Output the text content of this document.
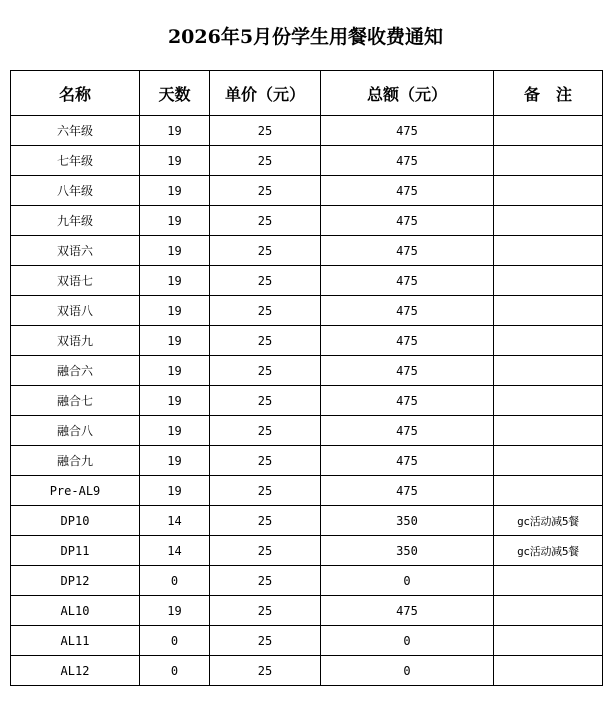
2026年5月份学生用餐收费通知
名称	天数	单价（元）	总额（元）	备　注
六年级	19	25	475	
七年级	19	25	475	
八年级	19	25	475	
九年级	19	25	475	
双语六	19	25	475	
双语七	19	25	475	
双语八	19	25	475	
双语九	19	25	475	
融合六	19	25	475	
融合七	19	25	475	
融合八	19	25	475	
融合九	19	25	475	
Pre-AL9	19	25	475	
DP10	14	25	350	gc活动减5餐
DP11	14	25	350	gc活动减5餐
DP12	0	25	0	
AL10	19	25	475	
AL11	0	25	0	
AL12	0	25	0	
